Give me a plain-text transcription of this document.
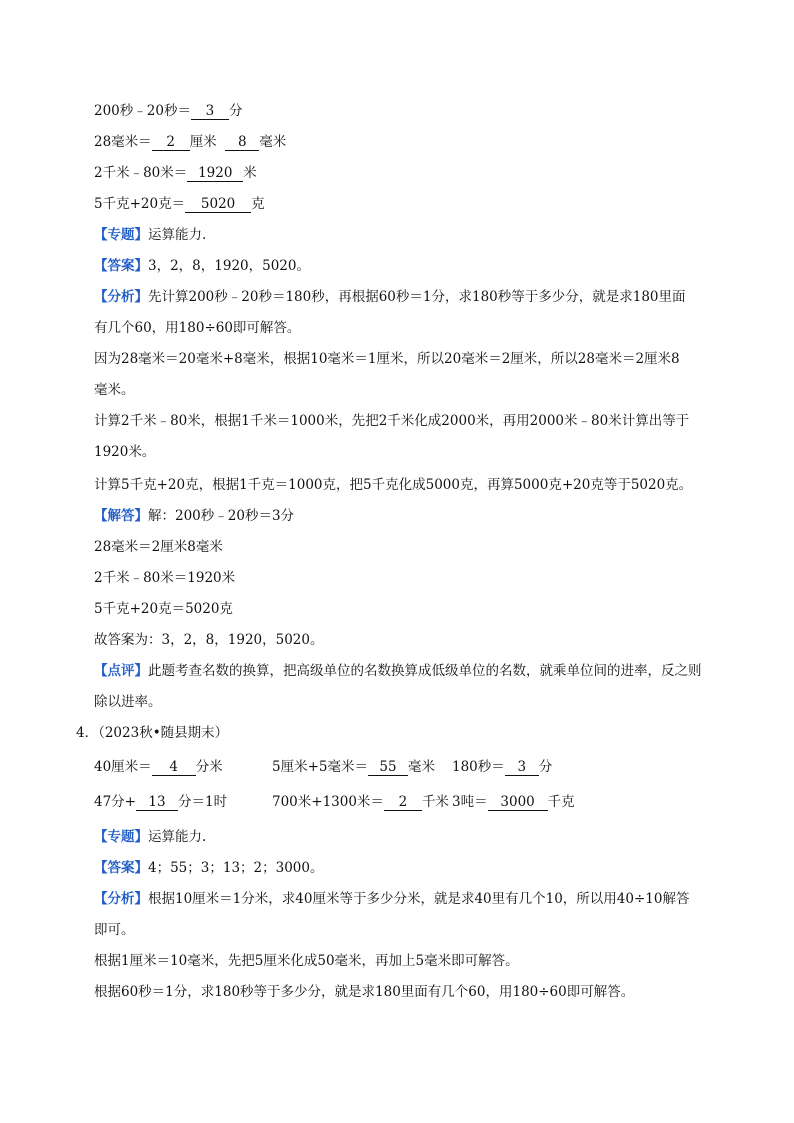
200秒﹣20秒＝ 3 分
28毫米＝ 2 厘米 8 毫米
2千米﹣80米＝ 1920 米
5千克+20克＝ 5020 克
【专题】运算能力.
【答案】3，2，8，1920，5020。
【分析】先计算200秒﹣20秒＝180秒，再根据60秒＝1分，求180秒等于多少分，就是求180里面
有几个60，用180÷60即可解答。
因为28毫米＝20毫米+8毫米，根据10毫米＝1厘米，所以20毫米＝2厘米，所以28毫米＝2厘米8
毫米。
计算2千米﹣80米，根据1千米＝1000米，先把2千米化成2000米，再用2000米﹣80米计算出等于
1920米。
计算5千克+20克，根据1千克＝1000克，把5千克化成5000克，再算5000克+20克等于5020克。
【解答】解：200秒﹣20秒＝3分
28毫米＝2厘米8毫米
2千米﹣80米＝1920米
5千克+20克＝5020克
故答案为：3，2，8，1920，5020。
【点评】此题考查名数的换算，把高级单位的名数换算成低级单位的名数，就乘单位间的进率，反之则
除以进率。
4．（2023秋•随县期末）
40厘米＝ 4 分米	5厘米+5毫米＝ 55 毫米 180秒＝ 3 分
47分+ 13 分＝1时	700米+1300米＝ 2 千米 3吨＝ 3000 千克
【专题】运算能力.
【答案】4；55；3；13；2；3000。
【分析】根据10厘米＝1分米，求40厘米等于多少分米，就是求40里有几个10，所以用40÷10解答
即可。
根据1厘米＝10毫米，先把5厘米化成50毫米，再加上5毫米即可解答。
根据60秒＝1分，求180秒等于多少分，就是求180里面有几个60，用180÷60即可解答。
